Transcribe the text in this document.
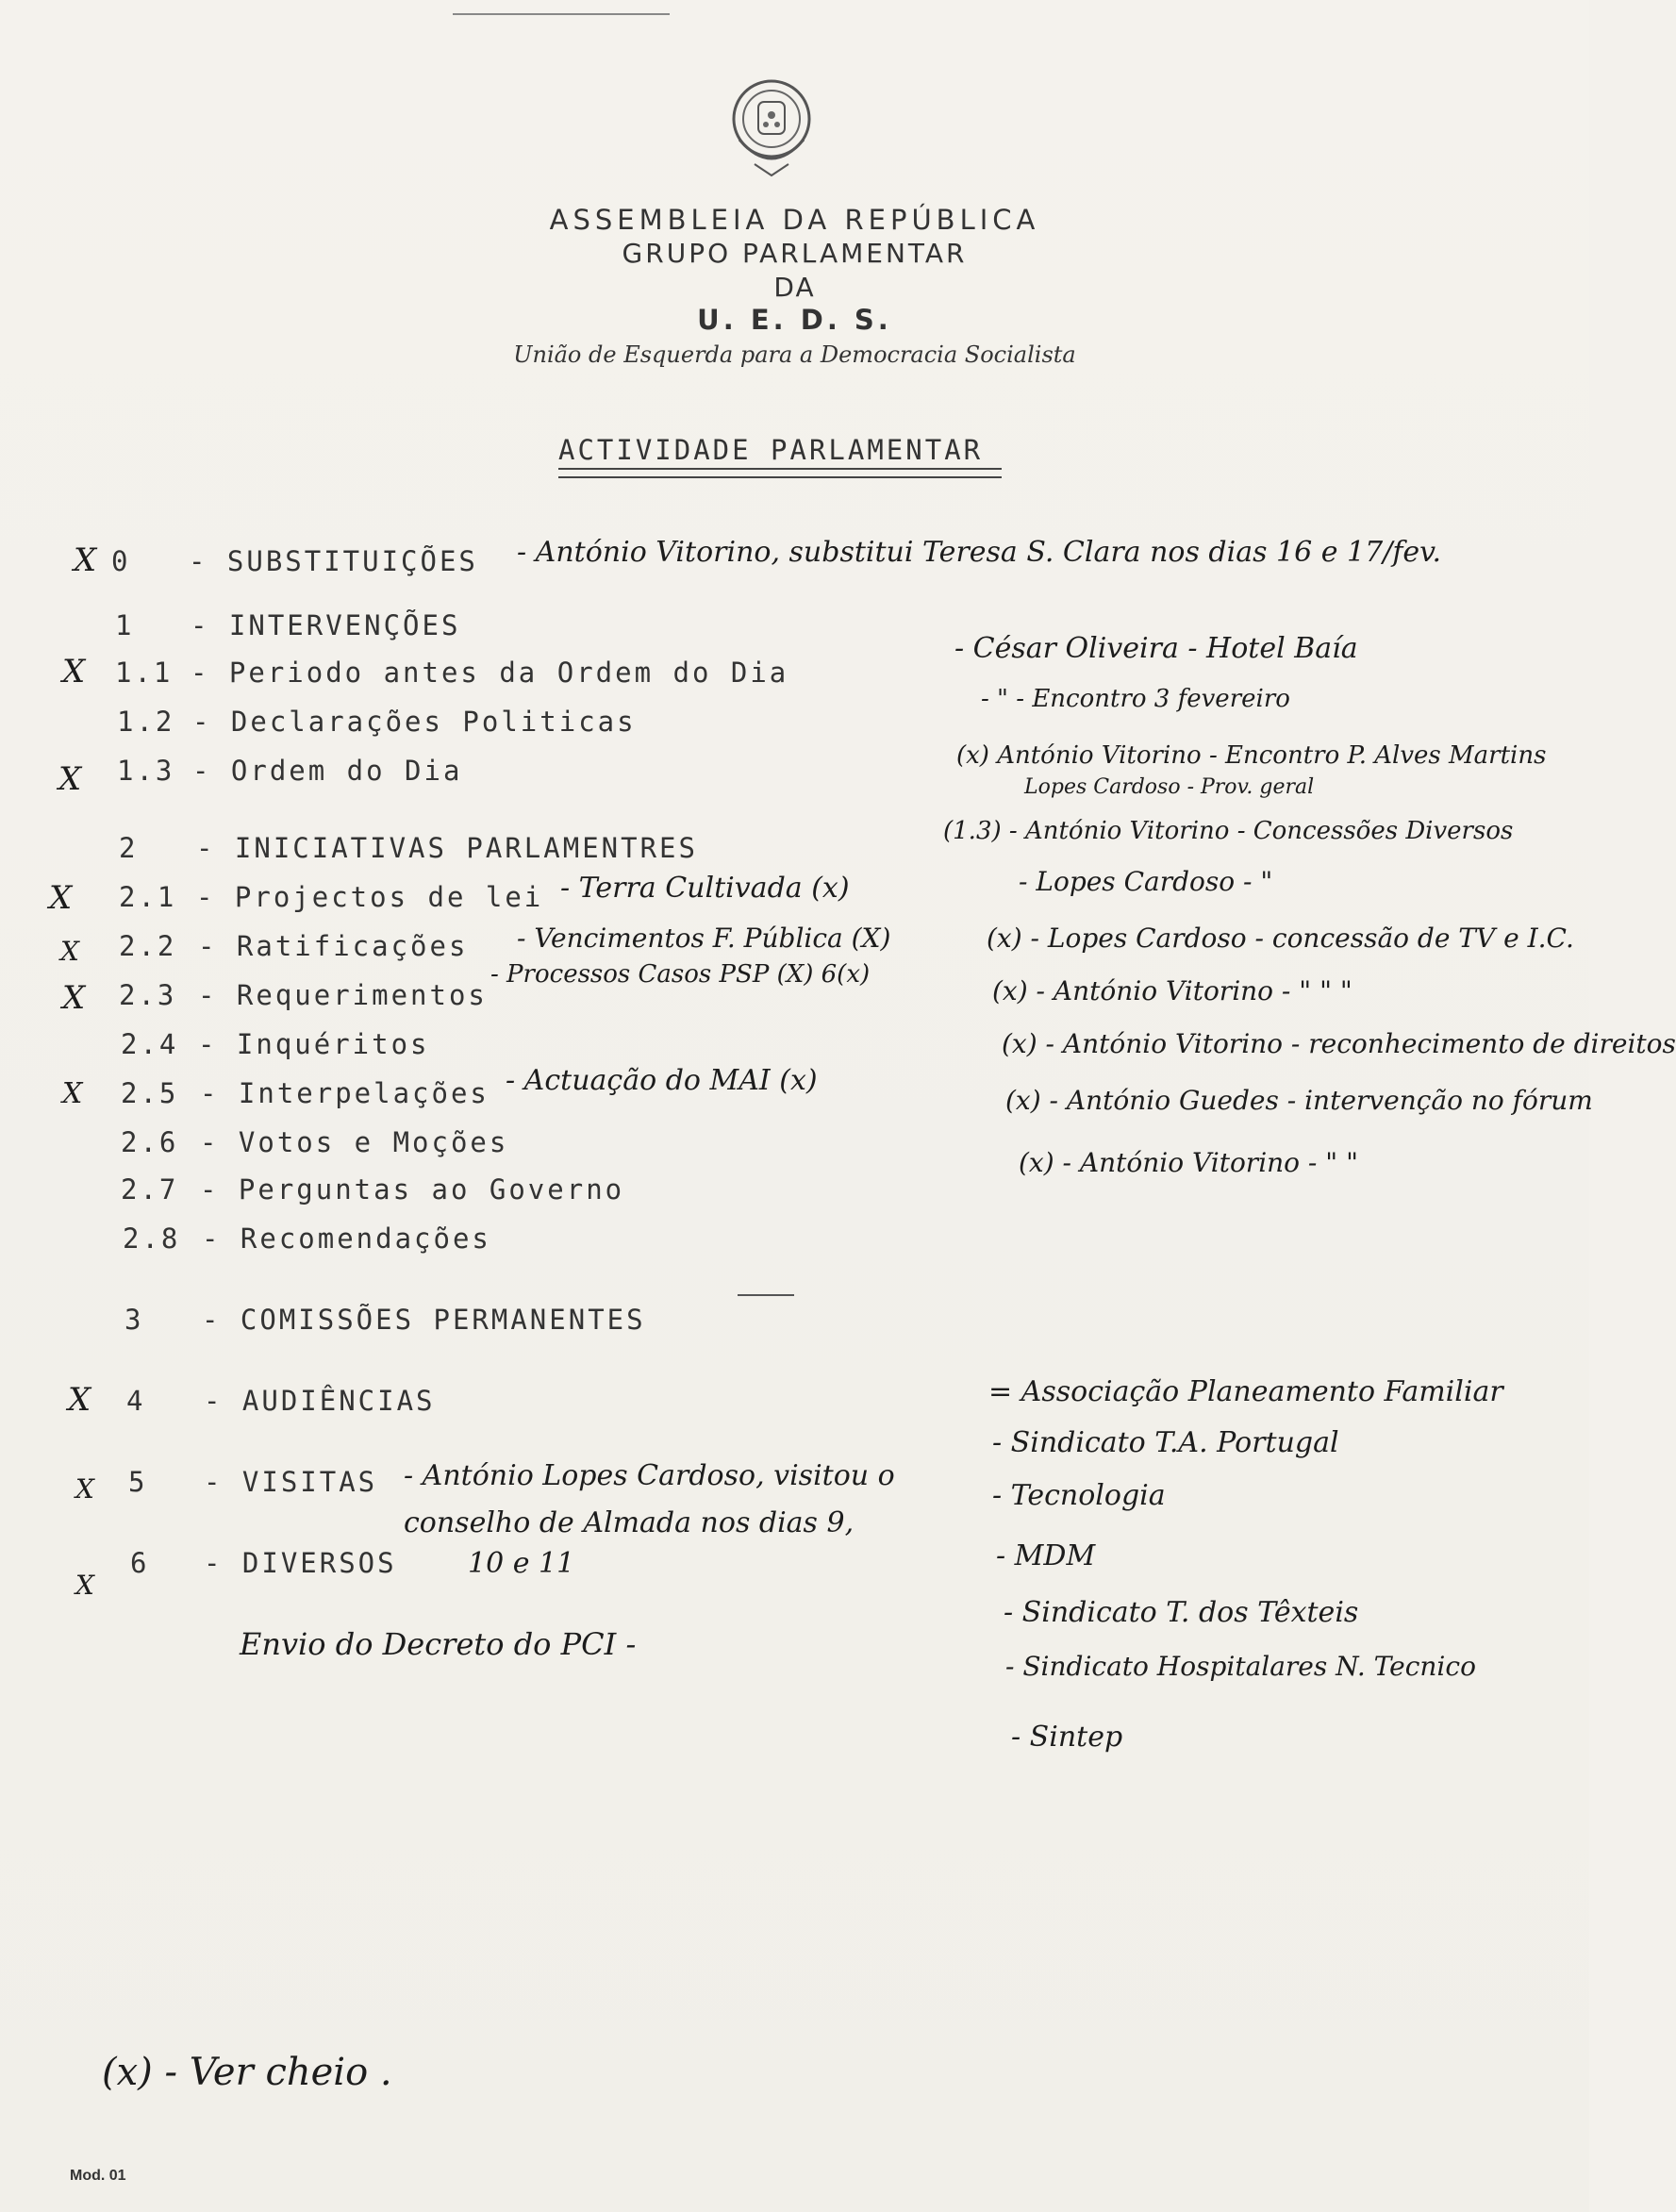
ASSEMBLEIA DA REPÚBLICA
GRUPO PARLAMENTAR
DA
U. E. D. S.
União de Esquerda para a Democracia Socialista
ACTIVIDADE PARLAMENTAR
X 0 - SUBSTITUIÇÕES - António Vitorino, substitui Teresa S. Clara nos dias 16 e 17/fev.
1 - INTERVENÇÕES
X 1.1 - Periodo antes da Ordem do Dia
1.2 - Declarações Politicas
X 1.3 - Ordem do Dia
2 - INICIATIVAS PARLAMENTRES
X 2.1 - Projectos de lei - Terra Cultivada (x)
X 2.2 - Ratificações - Vencimentos F. Pública (X)
X 2.3 - Requerimentos
- Processos Casos PSP (X) 6(x)
2.4 - Inquéritos
X 2.5 - Interpelações - Actuação do MAI (x)
2.6 - Votos e Moções
2.7 - Perguntas ao Governo
2.8 - Recomendações
3 - COMISSÕES PERMANENTES
X 4 - AUDIÊNCIAS
X 5 - VISITAS - António Lopes Cardoso, visitou o conselho de Almada nos dias 9,
X
6 - DIVERSOS	10 e 11
Envio do Decreto do PCI -
- César Oliveira - Hotel Baía
- " - Encontro 3 fevereiro
(x) António Vitorino - Encontro P. Alves Martins
Lopes Cardoso - Prov. geral
(1.3) - António Vitorino - Concessões Diversos
- Lopes Cardoso - "
(x) - Lopes Cardoso - concessão de TV e I.C.
(x) - António Vitorino - " " "
(x) - António Vitorino - reconhecimento de direitos
(x) - António Guedes - intervenção no fórum
(x) - António Vitorino - " "
= Associação Planeamento Familiar
- Sindicato T.A. Portugal
- Tecnologia
- MDM
- Sindicato T. dos Têxteis
- Sindicato Hospitalares N. Tecnico
- Sintep
(x) - Ver cheio .
Mod. 01
